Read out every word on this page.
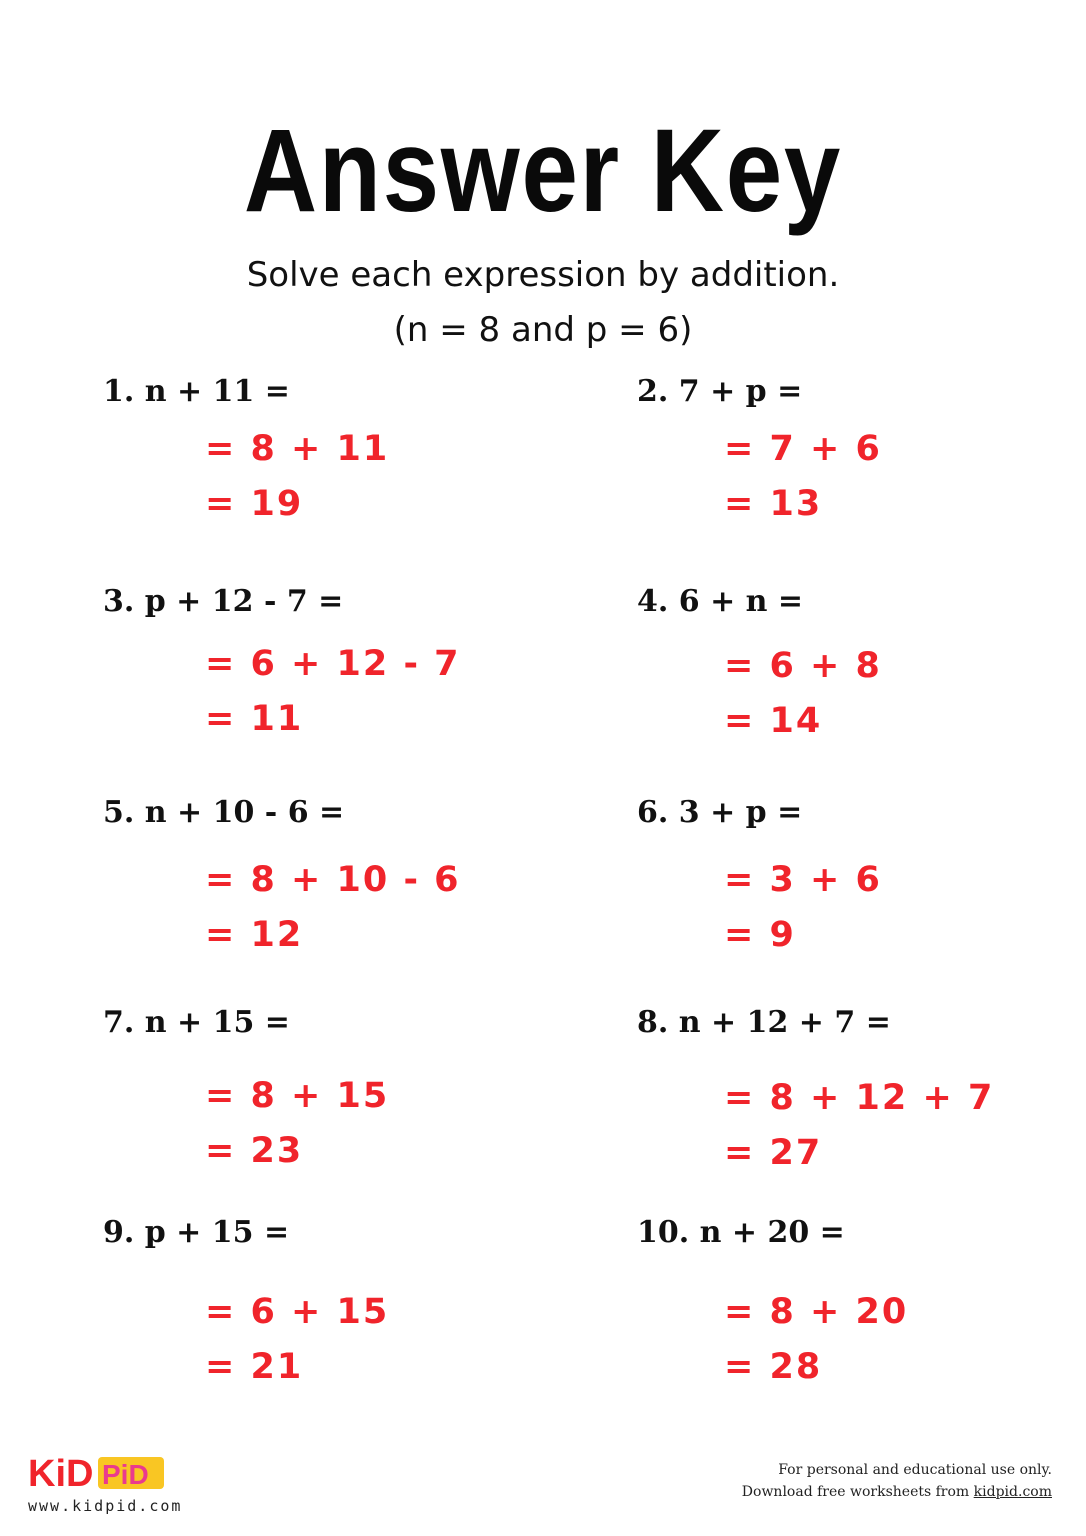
Answer Key
Solve each expression by addition.
(n = 8 and p = 6)
1. n + 11 =
= 8 + 11
= 19
2. 7 + p =
= 7 + 6
= 13
3. p + 12 - 7 =
= 6 + 12 - 7
= 11
4. 6 + n =
= 6 + 8
= 14
5. n + 10 - 6 =
= 8 + 10 - 6
= 12
6. 3 + p =
= 3 + 6
= 9
7. n + 15 =
= 8 + 15
= 23
8. n + 12 + 7 =
= 8 + 12 + 7
= 27
9. p + 15 =
= 6 + 15
= 21
10. n + 20 =
= 8 + 20
= 28
KiD PiD
www.kidpid.com
For personal and educational use only.
Download free worksheets from kidpid.com
